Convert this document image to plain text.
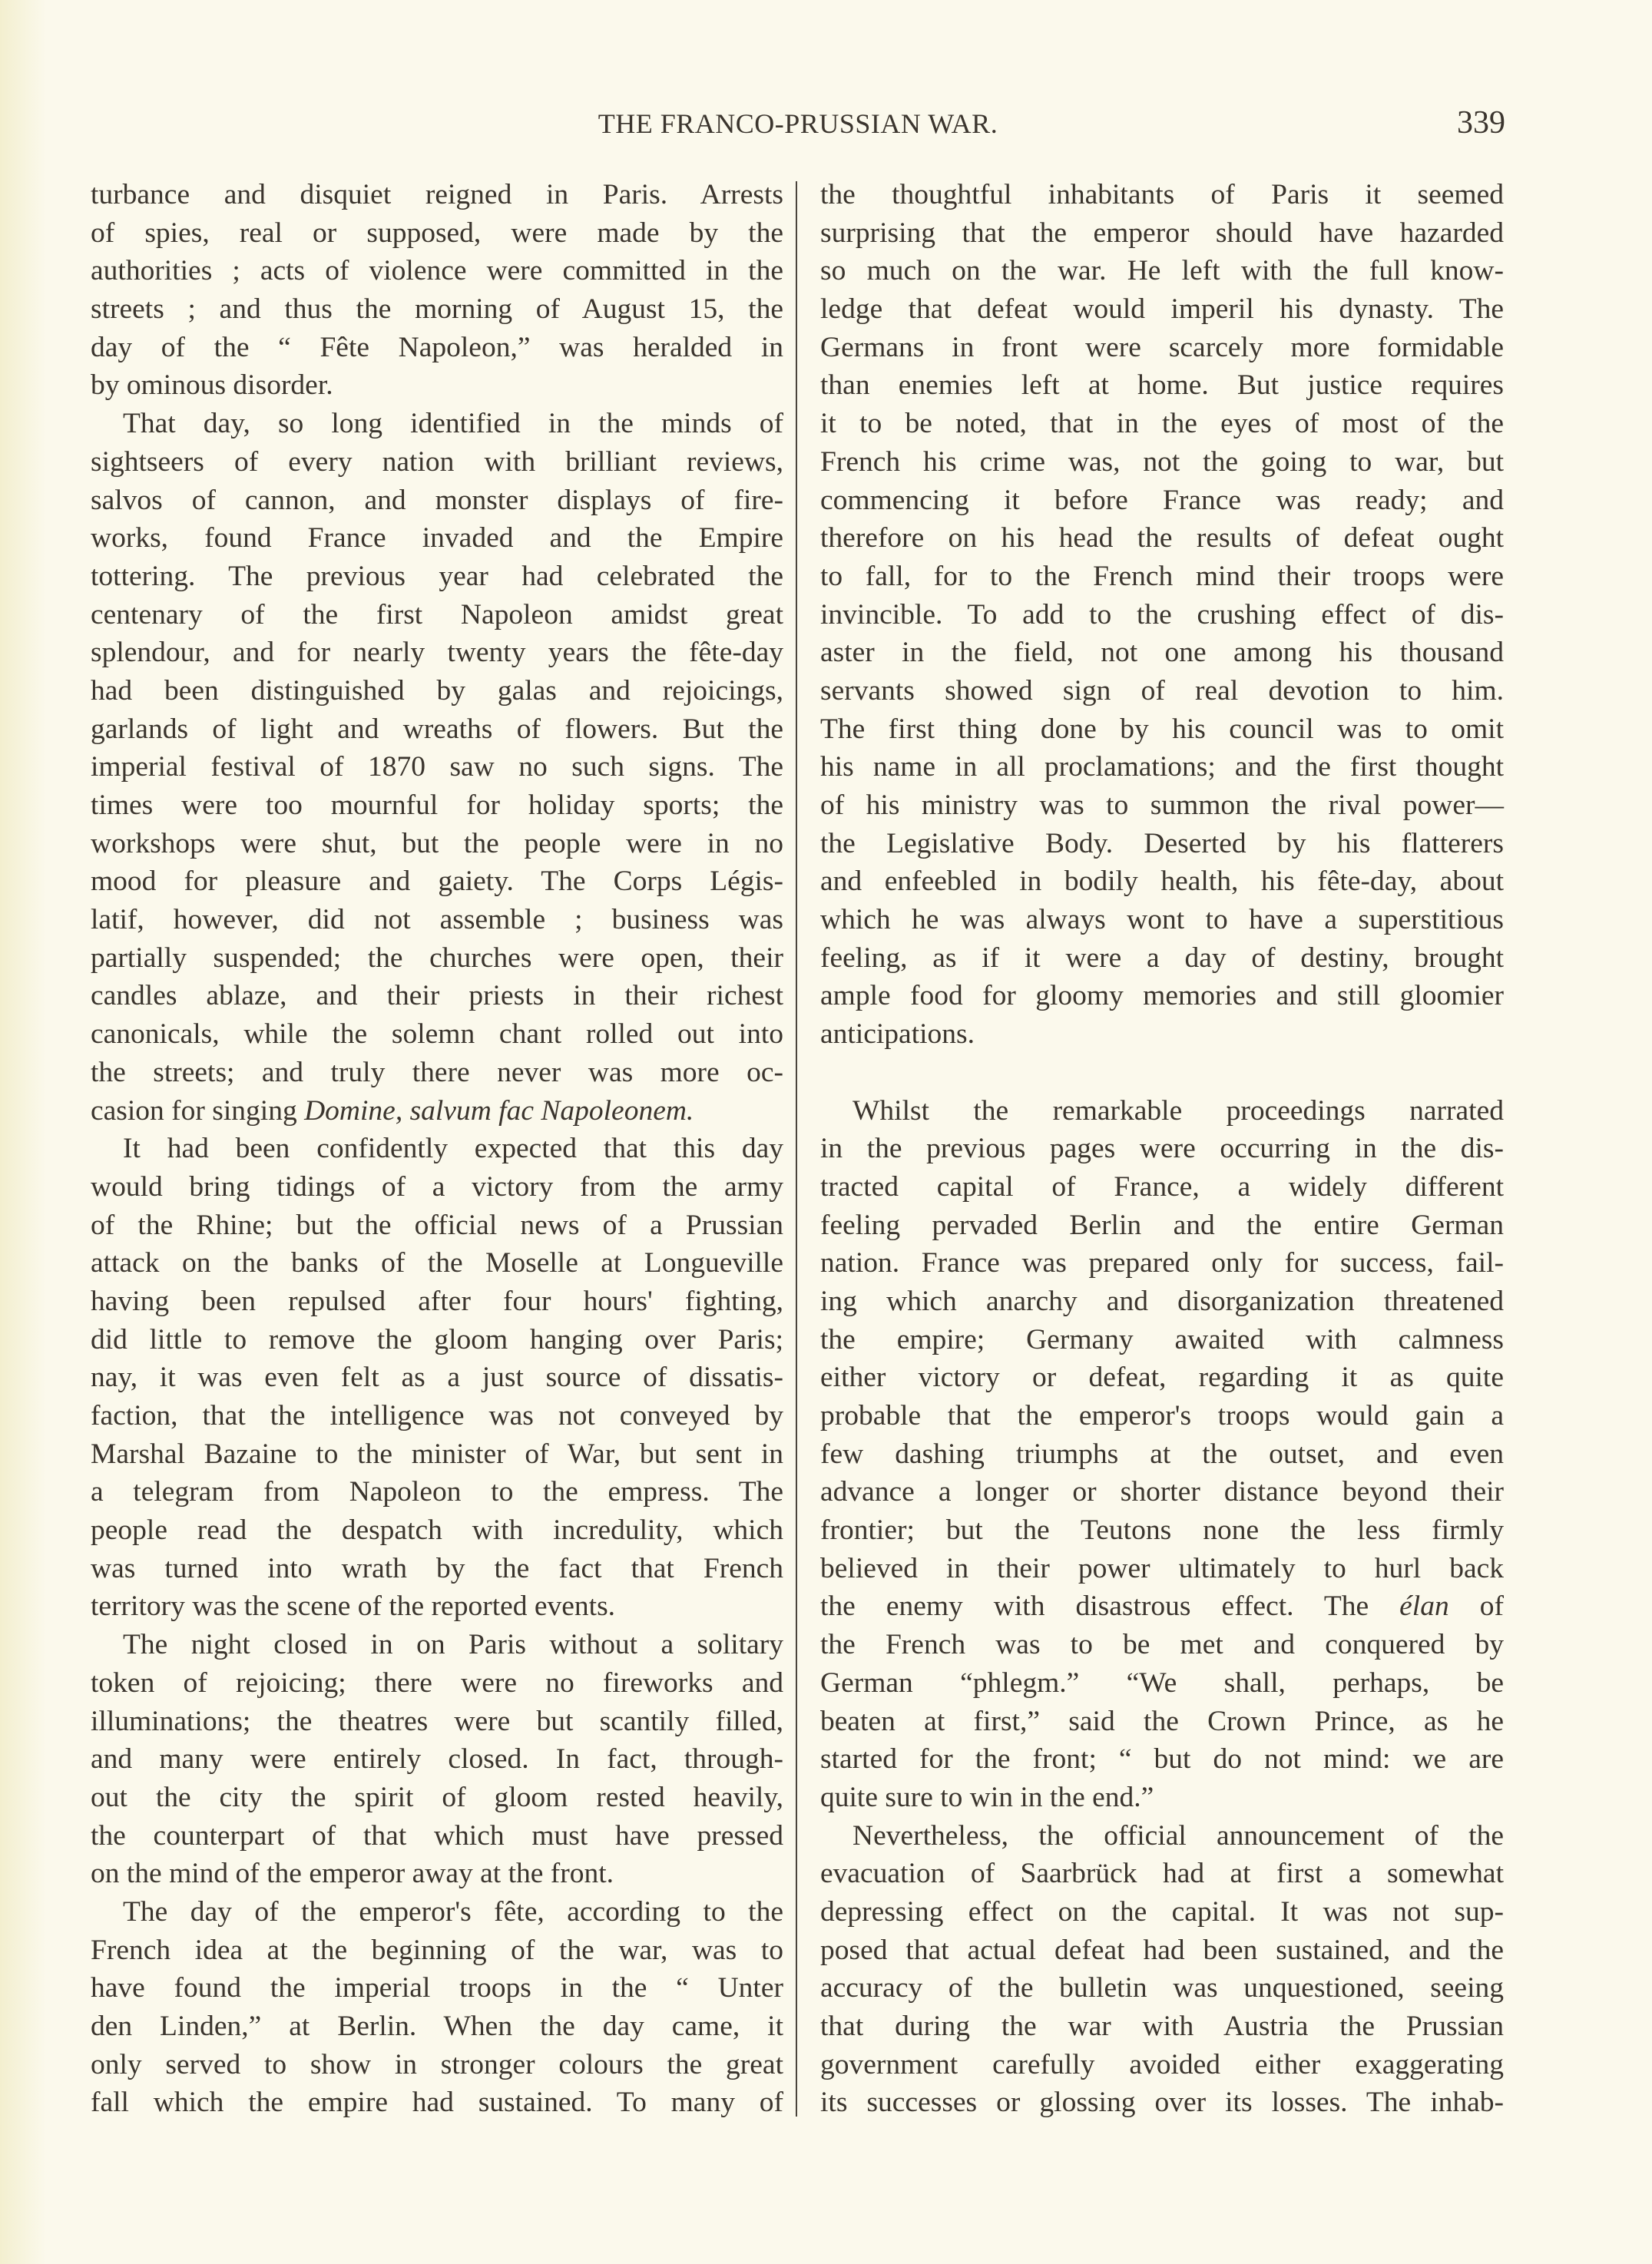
THE FRANCO-PRUSSIAN WAR.	339
turbance and disquiet reigned in Paris. Arrests
of spies, real or supposed, were made by the
authorities ; acts of violence were committed in the
streets ; and thus the morning of August 15, the
day of the “ Fête Napoleon,” was heralded in
by ominous disorder.
That day, so long identified in the minds of
sightseers of every nation with brilliant reviews,
salvos of cannon, and monster displays of fire-
works, found France invaded and the Empire
tottering. The previous year had celebrated the
centenary of the first Napoleon amidst great
splendour, and for nearly twenty years the fête-day
had been distinguished by galas and rejoicings,
garlands of light and wreaths of flowers. But the
imperial festival of 1870 saw no such signs. The
times were too mournful for holiday sports; the
workshops were shut, but the people were in no
mood for pleasure and gaiety. The Corps Légis-
latif, however, did not assemble ; business was
partially suspended; the churches were open, their
candles ablaze, and their priests in their richest
canonicals, while the solemn chant rolled out into
the streets; and truly there never was more oc-
casion for singing Domine, salvum fac Napoleonem.
It had been confidently expected that this day
would bring tidings of a victory from the army
of the Rhine; but the official news of a Prussian
attack on the banks of the Moselle at Longueville
having been repulsed after four hours' fighting,
did little to remove the gloom hanging over Paris;
nay, it was even felt as a just source of dissatis-
faction, that the intelligence was not conveyed by
Marshal Bazaine to the minister of War, but sent in
a telegram from Napoleon to the empress. The
people read the despatch with incredulity, which
was turned into wrath by the fact that French
territory was the scene of the reported events.
The night closed in on Paris without a solitary
token of rejoicing; there were no fireworks and
illuminations; the theatres were but scantily filled,
and many were entirely closed. In fact, through-
out the city the spirit of gloom rested heavily,
the counterpart of that which must have pressed
on the mind of the emperor away at the front.
The day of the emperor's fête, according to the
French idea at the beginning of the war, was to
have found the imperial troops in the “ Unter
den Linden,” at Berlin. When the day came, it
only served to show in stronger colours the great
fall which the empire had sustained. To many of
the thoughtful inhabitants of Paris it seemed
surprising that the emperor should have hazarded
so much on the war. He left with the full know-
ledge that defeat would imperil his dynasty. The
Germans in front were scarcely more formidable
than enemies left at home. But justice requires
it to be noted, that in the eyes of most of the
French his crime was, not the going to war, but
commencing it before France was ready; and
therefore on his head the results of defeat ought
to fall, for to the French mind their troops were
invincible. To add to the crushing effect of dis-
aster in the field, not one among his thousand
servants showed sign of real devotion to him.
The first thing done by his council was to omit
his name in all proclamations; and the first thought
of his ministry was to summon the rival power—
the Legislative Body. Deserted by his flatterers
and enfeebled in bodily health, his fête-day, about
which he was always wont to have a superstitious
feeling, as if it were a day of destiny, brought
ample food for gloomy memories and still gloomier
anticipations.
Whilst the remarkable proceedings narrated
in the previous pages were occurring in the dis-
tracted capital of France, a widely different
feeling pervaded Berlin and the entire German
nation. France was prepared only for success, fail-
ing which anarchy and disorganization threatened
the empire; Germany awaited with calmness
either victory or defeat, regarding it as quite
probable that the emperor's troops would gain a
few dashing triumphs at the outset, and even
advance a longer or shorter distance beyond their
frontier; but the Teutons none the less firmly
believed in their power ultimately to hurl back
the enemy with disastrous effect. The élan of
the French was to be met and conquered by
German “phlegm.” “We shall, perhaps, be
beaten at first,” said the Crown Prince, as he
started for the front; “ but do not mind: we are
quite sure to win in the end.”
Nevertheless, the official announcement of the
evacuation of Saarbrück had at first a somewhat
depressing effect on the capital. It was not sup-
posed that actual defeat had been sustained, and the
accuracy of the bulletin was unquestioned, seeing
that during the war with Austria the Prussian
government carefully avoided either exaggerating
its successes or glossing over its losses. The inhab-
